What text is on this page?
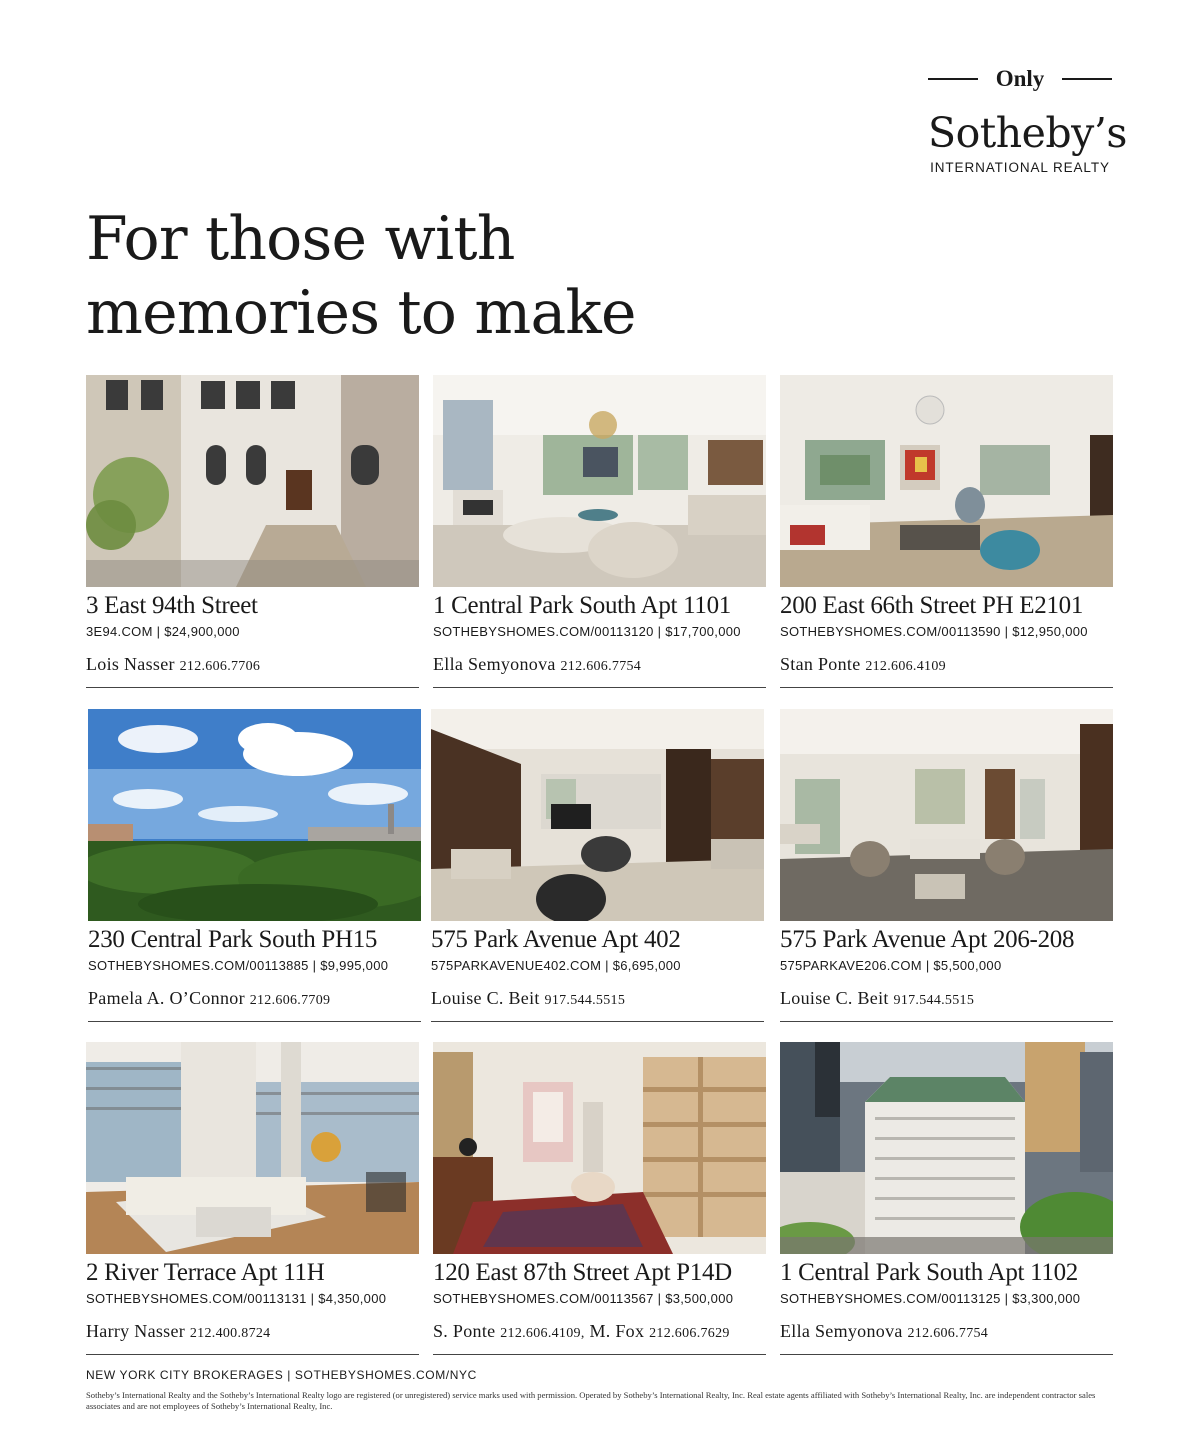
Only
Sotheby’s
INTERNATIONAL REALTY
For those with
memories to make
3 East 94th Street
3E94.COM | $24,900,000
Lois Nasser 212.606.7706
1 Central Park South Apt 1101
SOTHEBYSHOMES.COM/00113120 | $17,700,000
Ella Semyonova 212.606.7754
200 East 66th Street PH E2101
SOTHEBYSHOMES.COM/00113590 | $12,950,000
Stan Ponte 212.606.4109
230 Central Park South PH15
SOTHEBYSHOMES.COM/00113885 | $9,995,000
Pamela A. O’Connor 212.606.7709
575 Park Avenue Apt 402
575PARKAVENUE402.COM | $6,695,000
Louise C. Beit 917.544.5515
575 Park Avenue Apt 206-208
575PARKAVE206.COM | $5,500,000
Louise C. Beit 917.544.5515
2 River Terrace Apt 11H
SOTHEBYSHOMES.COM/00113131 | $4,350,000
Harry Nasser 212.400.8724
120 East 87th Street Apt P14D
SOTHEBYSHOMES.COM/00113567 | $3,500,000
S. Ponte 212.606.4109, M. Fox 212.606.7629
1 Central Park South Apt 1102
SOTHEBYSHOMES.COM/00113125 | $3,300,000
Ella Semyonova 212.606.7754
NEW YORK CITY BROKERAGES | SOTHEBYSHOMES.COM/NYC
Sotheby’s International Realty and the Sotheby’s International Realty logo are registered (or unregistered) service marks used with permission. Operated by Sotheby’s International Realty, Inc. Real estate agents affiliated with Sotheby’s International Realty, Inc. are independent contractor sales associates and are not employees of Sotheby’s International Realty, Inc.
